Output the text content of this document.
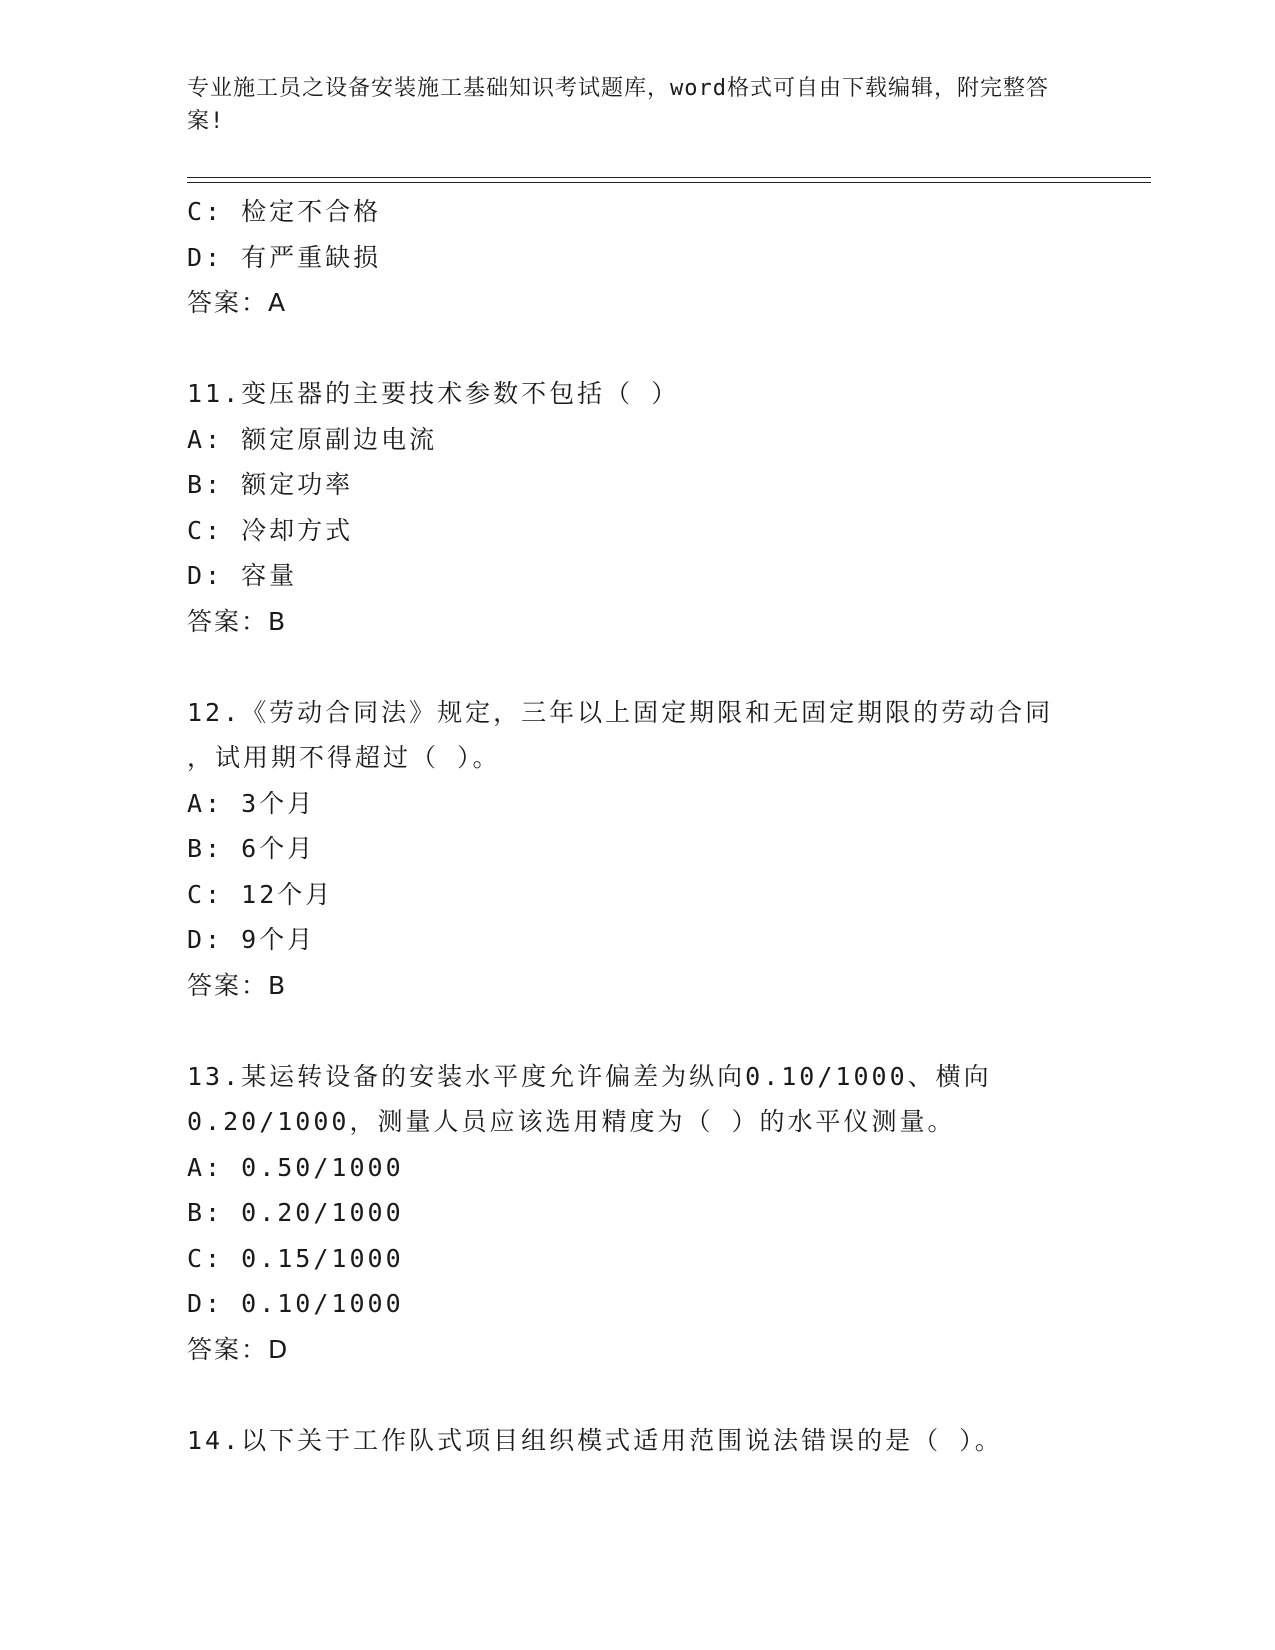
专业施工员之设备安装施工基础知识考试题库，word格式可自由下载编辑，附完整答案!
C: 检定不合格
D: 有严重缺损
答案：A
11.变压器的主要技术参数不包括（ ）
A: 额定原副边电流
B: 额定功率
C: 冷却方式
D: 容量
答案：B
12.《劳动合同法》规定，三年以上固定期限和无固定期限的劳动合同
，试用期不得超过（ ）。
A: 3个月
B: 6个月
C: 12个月
D: 9个月
答案：B
13.某运转设备的安装水平度允许偏差为纵向0.10/1000、横向
0.20/1000，测量人员应该选用精度为（ ）的水平仪测量。
A: 0.50/1000
B: 0.20/1000
C: 0.15/1000
D: 0.10/1000
答案：D
14.以下关于工作队式项目组织模式适用范围说法错误的是（ ）。
